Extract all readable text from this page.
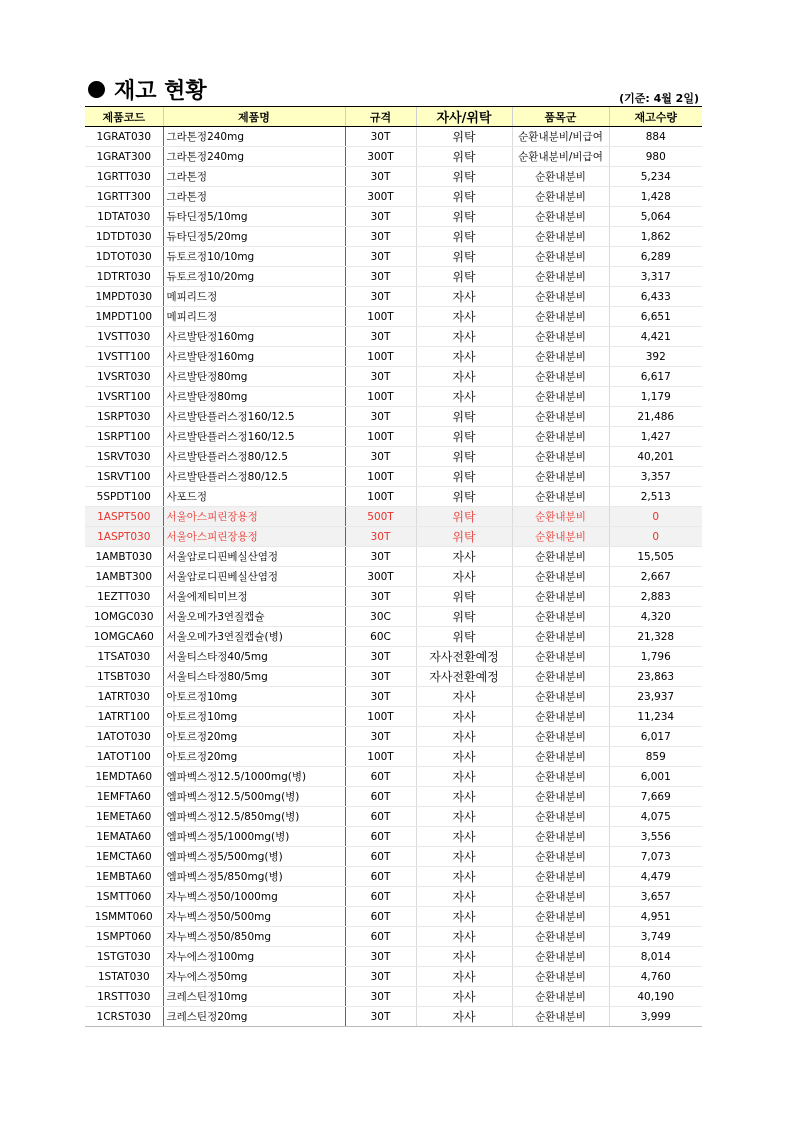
재고 현황	(기준: 4월 2일)
제품코드	제품명	규격	자사/위탁	품목군	재고수량
1GRAT030	그라톤정240mg	30T	위탁	순환내분비/비급여	884
1GRAT300	그라톤정240mg	300T	위탁	순환내분비/비급여	980
1GRTT030	그라톤정	30T	위탁	순환내분비	5,234
1GRTT300	그라톤정	300T	위탁	순환내분비	1,428
1DTAT030	듀타딘정5/10mg	30T	위탁	순환내분비	5,064
1DTDT030	듀타딘정5/20mg	30T	위탁	순환내분비	1,862
1DTOT030	듀토르정10/10mg	30T	위탁	순환내분비	6,289
1DTRT030	듀토르정10/20mg	30T	위탁	순환내분비	3,317
1MPDT030	메피리드정	30T	자사	순환내분비	6,433
1MPDT100	메피리드정	100T	자사	순환내분비	6,651
1VSTT030	사르발탄정160mg	30T	자사	순환내분비	4,421
1VSTT100	사르발탄정160mg	100T	자사	순환내분비	392
1VSRT030	사르발탄정80mg	30T	자사	순환내분비	6,617
1VSRT100	사르발탄정80mg	100T	자사	순환내분비	1,179
1SRPT030	사르발탄플러스정160/12.5	30T	위탁	순환내분비	21,486
1SRPT100	사르발탄플러스정160/12.5	100T	위탁	순환내분비	1,427
1SRVT030	사르발탄플러스정80/12.5	30T	위탁	순환내분비	40,201
1SRVT100	사르발탄플러스정80/12.5	100T	위탁	순환내분비	3,357
5SPDT100	사포드정	100T	위탁	순환내분비	2,513
1ASPT500	서울아스피린장용정	500T	위탁	순환내분비	0
1ASPT030	서울아스피린장용정	30T	위탁	순환내분비	0
1AMBT030	서울암로디핀베실산염정	30T	자사	순환내분비	15,505
1AMBT300	서울암로디핀베실산염정	300T	자사	순환내분비	2,667
1EZTT030	서울에제티미브정	30T	위탁	순환내분비	2,883
1OMGC030	서울오메가3연질캡슐	30C	위탁	순환내분비	4,320
1OMGCA60	서울오메가3연질캡슐(병)	60C	위탁	순환내분비	21,328
1TSAT030	서울티스타정40/5mg	30T	자사전환예정	순환내분비	1,796
1TSBT030	서울티스타정80/5mg	30T	자사전환예정	순환내분비	23,863
1ATRT030	아토르정10mg	30T	자사	순환내분비	23,937
1ATRT100	아토르정10mg	100T	자사	순환내분비	11,234
1ATOT030	아토르정20mg	30T	자사	순환내분비	6,017
1ATOT100	아토르정20mg	100T	자사	순환내분비	859
1EMDTA60	엠파벡스정12.5/1000mg(병)	60T	자사	순환내분비	6,001
1EMFTA60	엠파벡스정12.5/500mg(병)	60T	자사	순환내분비	7,669
1EMETA60	엠파벡스정12.5/850mg(병)	60T	자사	순환내분비	4,075
1EMATA60	엠파벡스정5/1000mg(병)	60T	자사	순환내분비	3,556
1EMCTA60	엠파벡스정5/500mg(병)	60T	자사	순환내분비	7,073
1EMBTA60	엠파벡스정5/850mg(병)	60T	자사	순환내분비	4,479
1SMTT060	자누벡스정50/1000mg	60T	자사	순환내분비	3,657
1SMMT060	자누벡스정50/500mg	60T	자사	순환내분비	4,951
1SMPT060	자누벡스정50/850mg	60T	자사	순환내분비	3,749
1STGT030	자누에스정100mg	30T	자사	순환내분비	8,014
1STAT030	자누에스정50mg	30T	자사	순환내분비	4,760
1RSTT030	크레스틴정10mg	30T	자사	순환내분비	40,190
1CRST030	크레스틴정20mg	30T	자사	순환내분비	3,999
